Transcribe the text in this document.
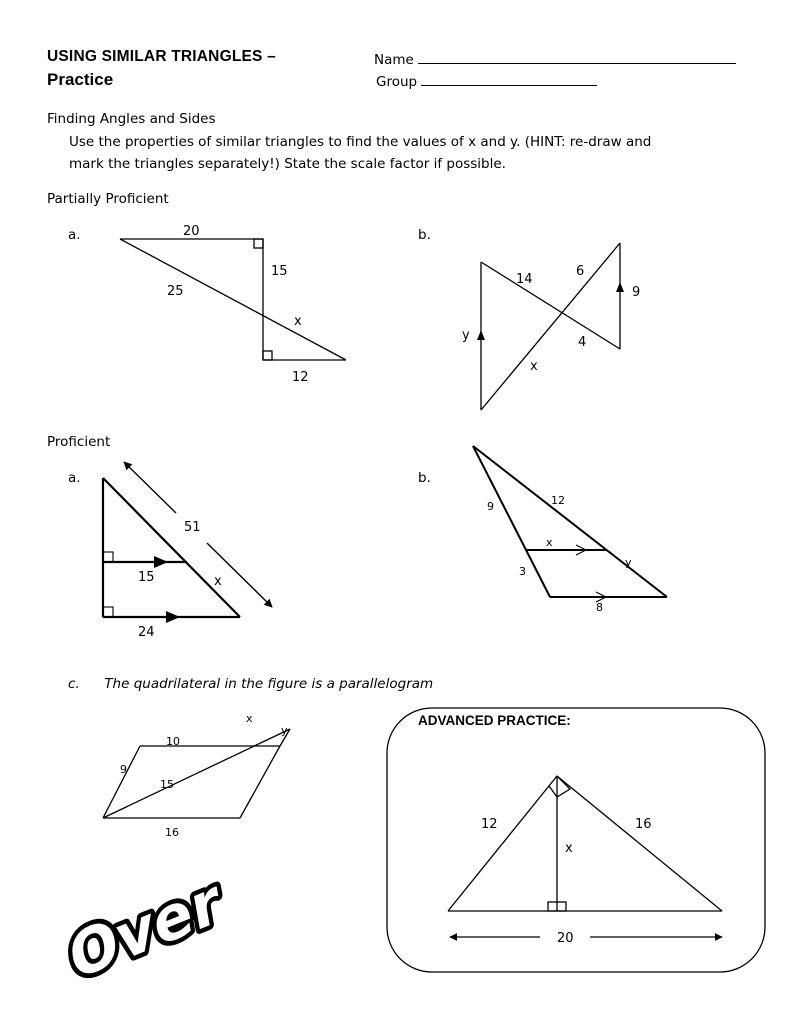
USING SIMILAR TRIANGLES –
Practice
Name
Group
Finding Angles and Sides
Use the properties of similar triangles to find the values of x and y. (HINT: re-draw and
mark the triangles separately!) State the scale factor if possible.
Partially Proficient
a.	b.
Proficient
a.	b.
c. The quadrilateral in the figure is a parallelogram
20
15
25
x
12
14
6
9
y	4
x
51
15	x
24
9	12
x
y
3
8
x
y
10
9
15
16
12	16
x
20
Over
ADVANCED PRACTICE:
